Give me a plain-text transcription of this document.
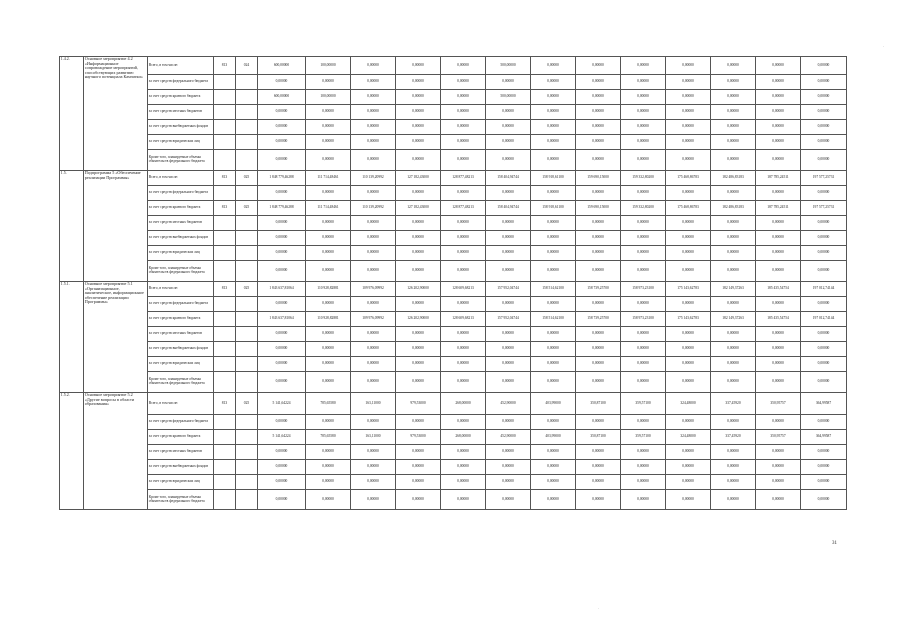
1.4.2.	Основное мероприятие 4.2 «Информационное сопровождение мероприятий, способствующих развитию научного потенциала Камчатки»	Всего, в том числе:	813	024	600,00000	100,00000	0,00000	0,00000	0,00000	500,00000	0,00000	0,00000	0,00000	0,00000	0,00000	0,00000	0,00000
		за счет средств федерального бюджета			0,00000	0,00000	0,00000	0,00000	0,00000	0,00000	0,00000	0,00000	0,00000	0,00000	0,00000	0,00000	0,00000
		за счет средств краевого бюджета			600,00000	100,00000	0,00000	0,00000	0,00000	500,00000	0,00000	0,00000	0,00000	0,00000	0,00000	0,00000	0,00000
		за счет средств местных бюджетов			0,00000	0,00000	0,00000	0,00000	0,00000	0,00000	0,00000	0,00000	0,00000	0,00000	0,00000	0,00000	0,00000
		за счет средств внебюджетных фондов			0,00000	0,00000	0,00000	0,00000	0,00000	0,00000	0,00000	0,00000	0,00000	0,00000	0,00000	0,00000	0,00000
		за счет средств юридических лиц			0,00000	0,00000	0,00000	0,00000	0,00000	0,00000	0,00000	0,00000	0,00000	0,00000	0,00000	0,00000	0,00000
		Кроме того, планируемые объемы обязательств федерального бюджета			0,00000	0,00000	0,00000	0,00000	0,00000	0,00000	0,00000	0,00000	0,00000	0,00000	0,00000	0,00000	0,00000
1.5.	Подпрограмма 5 «Обеспечение реализации Программы»	Всего, в том числе:	813	025	1 848 779,46288	111 714,48461	110 139,20992	127 182,43000	128 877,48213	158 404,94744	158 918,61100	159 690,15000	159 332,80200	175 468,86783	182 486,83183	187 785,24511	197 577,25731
		за счет средств федерального бюджета			0,00000	0,00000	0,00000	0,00000	0,00000	0,00000	0,00000	0,00000	0,00000	0,00000	0,00000	0,00000	0,00000
		за счет средств краевого бюджета	813	025	1 848 779,46288	111 714,48461	110 139,20992	127 182,43000	128 877,48213	158 404,94744	158 918,61100	159 690,15000	159 332,80200	175 468,86783	182 486,83183	187 785,24511	197 577,25731
		за счет средств местных бюджетов			0,00000	0,00000	0,00000	0,00000	0,00000	0,00000	0,00000	0,00000	0,00000	0,00000	0,00000	0,00000	0,00000
		за счет средств внебюджетных фондов			0,00000	0,00000	0,00000	0,00000	0,00000	0,00000	0,00000	0,00000	0,00000	0,00000	0,00000	0,00000	0,00000
		за счет средств юридических лиц			0,00000	0,00000	0,00000	0,00000	0,00000	0,00000	0,00000	0,00000	0,00000	0,00000	0,00000	0,00000	0,00000
		Кроме того, планируемые объемы обязательств федерального бюджета			0,00000	0,00000	0,00000	0,00000	0,00000	0,00000	0,00000	0,00000	0,00000	0,00000	0,00000	0,00000	0,00000
1.5.1.	Основное мероприятие 5.1 «Организационное, аналитическое, информационное обеспечение реализации Программы»	Всего, в том числе:	813	025	1 843 637,81064	110 928,82881	109 976,09992	126 202,90000	128 609,68213	157 952,04744	158 514,62100	158 739,25700	158 973,23100	175 143,62783	182 149,37263	185 435,54754	197 012,74144
		за счет средств федерального бюджета			0,00000	0,00000	0,00000	0,00000	0,00000	0,00000	0,00000	0,00000	0,00000	0,00000	0,00000	0,00000	0,00000
		за счет средств краевого бюджета			1 843 637,81064	110 928,82881	109 976,09992	126 202,90000	128 609,68213	157 952,04744	158 514,62100	158 739,25700	158 973,23100	175 143,62783	182 149,37263	185 435,54754	197 012,74144
		за счет средств местных бюджетов			0,00000	0,00000	0,00000	0,00000	0,00000	0,00000	0,00000	0,00000	0,00000	0,00000	0,00000	0,00000	0,00000
		за счет средств внебюджетных фондов			0,00000	0,00000	0,00000	0,00000	0,00000	0,00000	0,00000	0,00000	0,00000	0,00000	0,00000	0,00000	0,00000
		за счет средств юридических лиц			0,00000	0,00000	0,00000	0,00000	0,00000	0,00000	0,00000	0,00000	0,00000	0,00000	0,00000	0,00000	0,00000
		Кроме того, планируемые объемы обязательств федерального бюджета			0,00000	0,00000	0,00000	0,00000	0,00000	0,00000	0,00000	0,00000	0,00000	0,00000	0,00000	0,00000	0,00000
1.5.2.	Основное мероприятие 5.2 «Другие вопросы в области образования»	Всего, в том числе:	813	025	5 141,64224	785,65580	163,11000	979,53000	268,00000	452,90000	403,99000	350,87100	359,57100	324,48000	337,45920	350,95757	364,99587
		за счет средств федерального бюджета			0,00000	0,00000	0,00000	0,00000	0,00000	0,00000	0,00000	0,00000	0,00000	0,00000	0,00000	0,00000	0,00000
		за счет средств краевого бюджета			5 141,64224	785,65580	163,11000	979,53000	268,00000	452,90000	403,99000	350,87100	359,57100	324,48000	337,45920	350,95757	364,99587
		за счет средств местных бюджетов			0,00000	0,00000	0,00000	0,00000	0,00000	0,00000	0,00000	0,00000	0,00000	0,00000	0,00000	0,00000	0,00000
		за счет средств внебюджетных фондов			0,00000	0,00000	0,00000	0,00000	0,00000	0,00000	0,00000	0,00000	0,00000	0,00000	0,00000	0,00000	0,00000
		за счет средств юридических лиц			0,00000	0,00000	0,00000	0,00000	0,00000	0,00000	0,00000	0,00000	0,00000	0,00000	0,00000	0,00000	0,00000
		Кроме того, планируемые объемы обязательств федерального бюджета			0,00000	0,00000	0,00000	0,00000	0,00000	0,00000	0,00000	0,00000	0,00000	0,00000	0,00000	0,00000	0,00000
31
·
·
